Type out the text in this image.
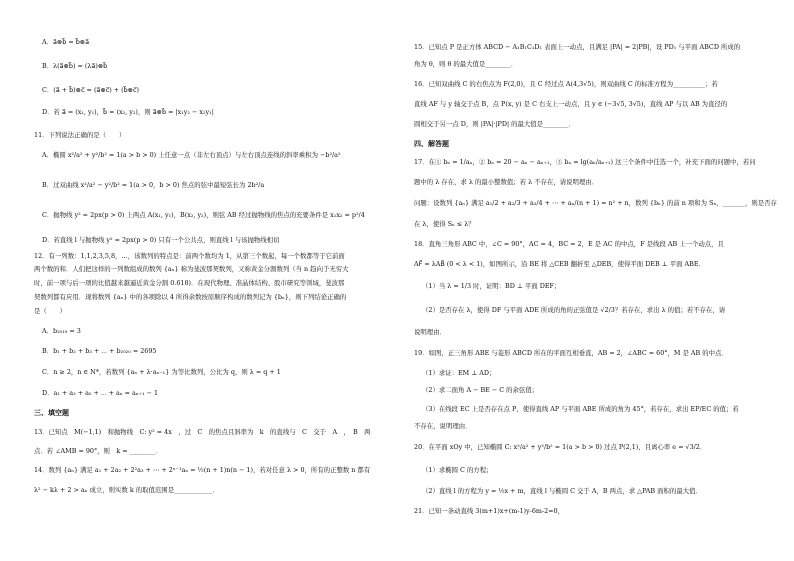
A．a⃗⊗b⃗ = b⃗⊗a⃗
B．λ(a⃗⊗b⃗) = (λa⃗)⊗b⃗
C．(a⃗ + b⃗)⊗c⃗ = (a⃗⊗c⃗) + (b⃗⊗c⃗)
D．若 a⃗ = (x₁, y₁)，b⃗ = (x₂, y₂)，则 a⃗⊗b⃗ = |x₁y₂ − x₂y₁|
11．下列说法正确的是（　　）
A．椭圆 x²/a² + y²/b² = 1(a > b > 0) 上任意一点（非左右顶点）与左右顶点连线的斜率乘积为 −b²/a²
B．过双曲线 x²/a² − y²/b² = 1(a > 0，b > 0) 焦点的弦中最短弦长为 2b²/a
C．抛物线 y² = 2px(p > 0) 上两点 A(x₁, y₁)，B(x₂, y₂)，则弦 AB 经过抛物线的焦点的充要条件是 x₁x₂ = p²/4
D．若直线 l 与抛物线 y² = 2px(p > 0) 只有一个公共点，则直线 l 与该抛物线相切
12．有一列数：1,1,2,3,5,8，…，该数列的特点是：前两个数均为 1，从第三个数起，每一个数都等于它前面
两个数的和．人们把这样的一列数组成的数列 {aₙ} 称为斐波那契数列，又称黄金分割数列（当 n 趋向于无穷大
时，前一项与后一项的比值越来越逼近黄金分割 0.618)．在现代物理、准晶体结构、股市研究等领域，斐波那
契数列都有应用．现将数列 {aₙ} 中的各项除以 4 所得余数按原顺序构成的数列记为 {bₙ}，则下列结论正确的
是（　　）
A．b₂₀₁₉ = 3
B．b₁ + b₂ + b₃ + ⋯ + b₂₀₂₀ = 2695
C．n ≥ 2，n ∈ N*，若数列 {aₙ + λ·aₙ₋₁} 为等比数列，公比为 q，则 λ = q + 1
D．a₁ + a₃ + a₅ + ⋯ + aₙ = aₙ₊₁ − 1
三、填空题
13．已知点　M(−1,1)　和抛物线　C: y² = 4x　，过　C　的焦点且斜率为　k　的直线与　C　交于　A　，　B　两
点．若 ∠AMB = 90°，则　k = ________．
14．数列 {aₙ} 满足 a₁ + 2a₂ + 2²a₃ + ⋯ + 2ⁿ⁻¹aₙ = ½(n + 1)n(n − 1)，若对任意 λ > 0，所有的正整数 n 都有
λ² − kλ + 2 > aₙ 成立，则实数 k 的取值范围是____________．
15．已知点 P 是正方体 ABCD − A₁B₁C₁D₁ 表面上一动点，且满足 |PA| = 2|PB|，设 PD₁ 与平面 ABCD 所成的
角为 θ，则 θ 的最大值是________．
16．已知双曲线 C 的右焦点为 F(2,0)，且 C 经过点 A(4,3√5)，则双曲线 C 的标准方程为__________；若
直线 AF 与 y 轴交于点 B，点 P(x, y) 是 C 右支上一动点，且 y ∈ (−3√5, 3√5)，直线 AP 与以 AB 为直径的
圆相交于另一点 D，则 |PA|·|PD| 的最大值是________．
四、解答题
17．在① bₙ = 1/aₙ，② bₙ = 20 − aₙ − aₙ₊₁，③ bₙ = lg(aₙ/aₙ₊₁) 这三个条件中任选一个，补充下面的问题中，若问
题中的 λ 存在，求 λ 的最小整数值；若 λ 不存在，请说明理由．
问题：设数列 {aₙ} 满足 a₁/2 + a₂/3 + a₃/4 + ⋯ + aₙ/(n + 1) = n² + n，数列 {bₙ} 的前 n 项和为 Sₙ，_______，则是否存
在 λ，使得 Sₙ ≤ λ？
18．直角三角形 ABC 中，∠C = 90°，AC = 4，BC = 2，E 是 AC 的中点，F 是线段 AB 上一个动点，且
AF⃗ = λAB⃗ (0 < λ < 1)，如图所示，沿 BE 将 △CEB 翻折至 △DEB，使得平面 DEB ⊥ 平面 ABE．
（1）当 λ = 1/3 时，证明：BD ⊥ 平面 DEF；
（2）是否存在 λ，使得 DF 与平面 ADE 所成的角的正弦值是 √2/3？若存在，求出 λ 的值；若不存在，请
说明理由．
19．如图，正三角形 ABE 与菱形 ABCD 所在的平面互相垂直，AB = 2，∠ABC = 60°，M 是 AB 的中点．
（1）求证：EM ⊥ AD；
（2）求二面角 A − BE − C 的余弦值；
（3）在线段 EC 上是否存在点 P，使得直线 AP 与平面 ABE 所成的角为 45°，若存在，求出 EP/EC 的值；若
不存在，说明理由．
20．在平面 xOy 中，已知椭圆 C: x²/a² + y²/b² = 1(a > b > 0) 过点 P(2,1)，且离心率 e = √3/2．
（1）求椭圆 C 的方程；
（2）直线 l 的方程为 y = ½x + m，直线 l 与椭圆 C 交于 A，B 两点，求 △PAB 面积的最大值．
21．已知一条动直线 3(m+1)x+(m-1)y-6m-2=0，
